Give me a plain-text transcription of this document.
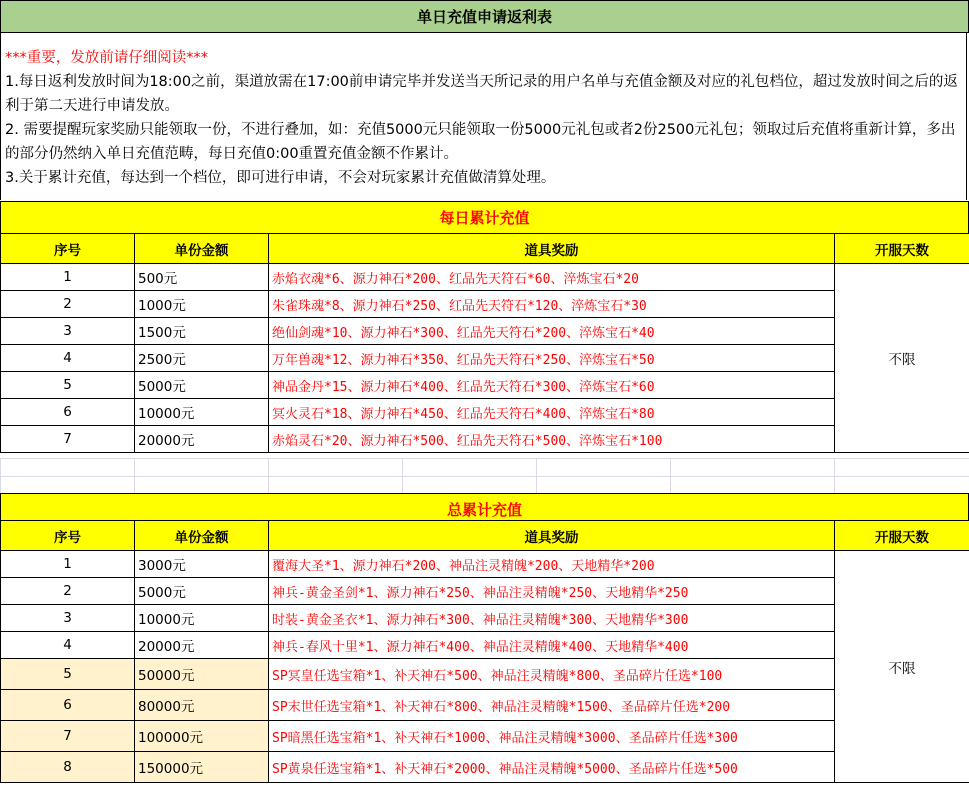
单日充值申请返利表
***重要，发放前请仔细阅读***
1.每日返利发放时间为18:00之前，渠道放需在17:00前申请完毕并发送当天所记录的用户名单与充值金额及对应的礼包档位，超过发放时间之后的返利于第二天进行申请发放。
2. 需要提醒玩家奖励只能领取一份，不进行叠加，如：充值5000元只能领取一份5000元礼包或者2份2500元礼包；领取过后充值将重新计算，多出的部分仍然纳入单日充值范畴，每日充值0:00重置充值金额不作累计。
3.关于累计充值，每达到一个档位，即可进行申请，不会对玩家累计充值做清算处理。
每日累计充值
序号	单份金额	道具奖励	开服天数
1	500元	赤焰衣魂*6、源力神石*200、红品先天符石*60、淬炼宝石*20	不限
2	1000元	朱雀珠魂*8、源力神石*250、红品先天符石*120、淬炼宝石*30	
3	1500元	绝仙剑魂*10、源力神石*300、红品先天符石*200、淬炼宝石*40	
4	2500元	万年兽魂*12、源力神石*350、红品先天符石*250、淬炼宝石*50	
5	5000元	神品金丹*15、源力神石*400、红品先天符石*300、淬炼宝石*60	
6	10000元	冥火灵石*18、源力神石*450、红品先天符石*400、淬炼宝石*80	
7	20000元	赤焰灵石*20、源力神石*500、红品先天符石*500、淬炼宝石*100	

总累计充值
序号	单份金额	道具奖励	开服天数
1	3000元	覆海大圣*1、源力神石*200、神品注灵精魄*200、天地精华*200	不限
2	5000元	神兵-黄金圣剑*1、源力神石*250、神品注灵精魄*250、天地精华*250	
3	10000元	时装-黄金圣衣*1、源力神石*300、神品注灵精魄*300、天地精华*300	
4	20000元	神兵-春风十里*1、源力神石*400、神品注灵精魄*400、天地精华*400	
5	50000元	SP冥皇任选宝箱*1、补天神石*500、神品注灵精魄*800、圣品碎片任选*100	
6	80000元	SP末世任选宝箱*1、补天神石*800、神品注灵精魄*1500、圣品碎片任选*200	
7	100000元	SP暗黑任选宝箱*1、补天神石*1000、神品注灵精魄*3000、圣品碎片任选*300	
8	150000元	SP黄泉任选宝箱*1、补天神石*2000、神品注灵精魄*5000、圣品碎片任选*500	
